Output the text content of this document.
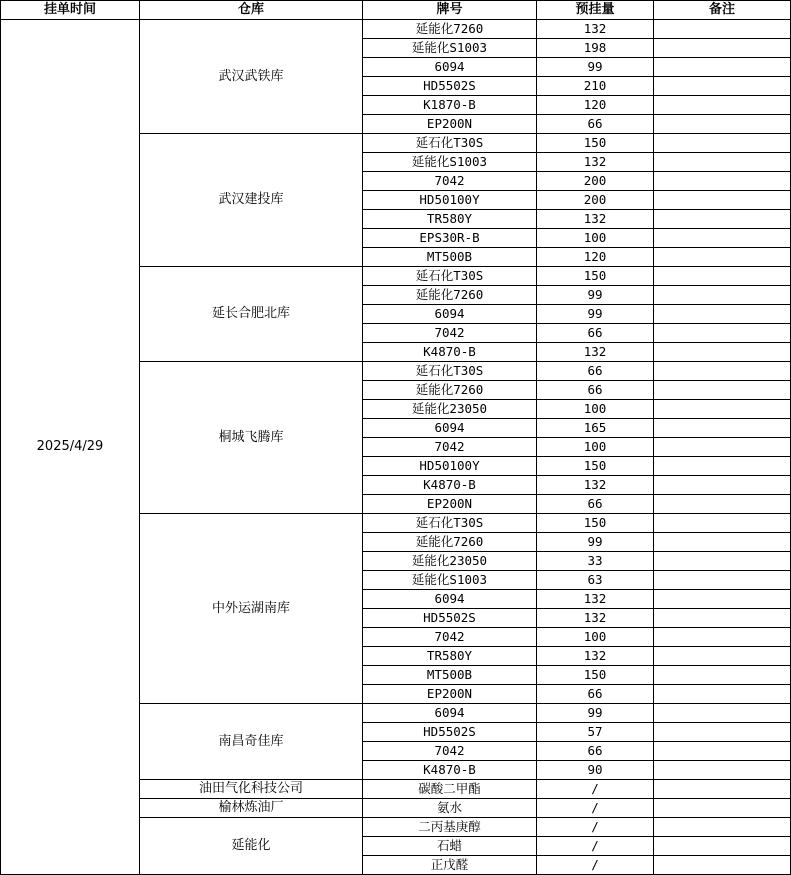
挂单时间	仓库	牌号	预挂量	备注
2025/4/29	武汉武铁库	延能化7260	132	
		延能化S1003	198	
		6094	99	
		HD5502S	210	
		K1870-B	120	
		EP200N	66	
	武汉建投库	延石化T30S	150	
		延能化S1003	132	
		7042	200	
		HD50100Y	200	
		TR580Y	132	
		EPS30R-B	100	
		MT500B	120	
	延长合肥北库	延石化T30S	150	
		延能化7260	99	
		6094	99	
		7042	66	
		K4870-B	132	
	桐城飞腾库	延石化T30S	66	
		延能化7260	66	
		延能化23050	100	
		6094	165	
		7042	100	
		HD50100Y	150	
		K4870-B	132	
		EP200N	66	
	中外运湖南库	延石化T30S	150	
		延能化7260	99	
		延能化23050	33	
		延能化S1003	63	
		6094	132	
		HD5502S	132	
		7042	100	
		TR580Y	132	
		MT500B	150	
		EP200N	66	
	南昌奇佳库	6094	99	
		HD5502S	57	
		7042	66	
		K4870-B	90	
	油田气化科技公司	碳酸二甲酯	/	
	榆林炼油厂	氨水	/	
	延能化	二丙基庚醇	/	
		石蜡	/	
		正戊醛	/	
